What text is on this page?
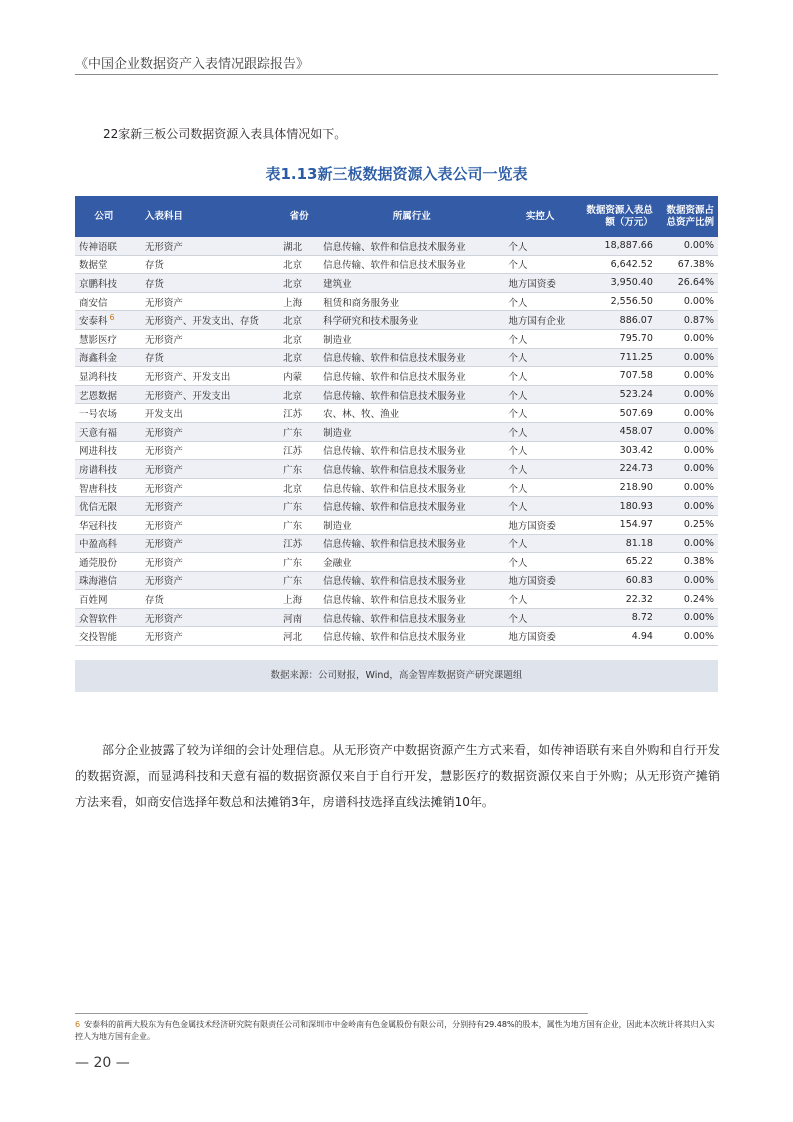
《中国企业数据资产入表情况跟踪报告》
22家新三板公司数据资源入表具体情况如下。
表1.13新三板数据资源入表公司一览表
公司	入表科目	省份	所属行业	实控人	数据资源入表总额（万元）	数据资源占总资产比例
传神语联	无形资产	湖北	信息传输、软件和信息技术服务业	个人	18,887.66	0.00%
数据堂	存货	北京	信息传输、软件和信息技术服务业	个人	6,642.52	67.38%
京鹏科技	存货	北京	建筑业	地方国资委	3,950.40	26.64%
商安信	无形资产	上海	租赁和商务服务业	个人	2,556.50	0.00%
安泰科 $^6$	无形资产、开发支出、存货	北京	科学研究和技术服务业	地方国有企业	886.07	0.87%
慧影医疗	无形资产	北京	制造业	个人	795.70	0.00%
海鑫科金	存货	北京	信息传输、软件和信息技术服务业	个人	711.25	0.00%
显鸿科技	无形资产、开发支出	内蒙	信息传输、软件和信息技术服务业	个人	707.58	0.00%
艺恩数据	无形资产、开发支出	北京	信息传输、软件和信息技术服务业	个人	523.24	0.00%
一号农场	开发支出	江苏	农、林、牧、渔业	个人	507.69	0.00%
天意有福	无形资产	广东	制造业	个人	458.07	0.00%
网进科技	无形资产	江苏	信息传输、软件和信息技术服务业	个人	303.42	0.00%
房谱科技	无形资产	广东	信息传输、软件和信息技术服务业	个人	224.73	0.00%
智唐科技	无形资产	北京	信息传输、软件和信息技术服务业	个人	218.90	0.00%
优信无限	无形资产	广东	信息传输、软件和信息技术服务业	个人	180.93	0.00%
华冠科技	无形资产	广东	制造业	地方国资委	154.97	0.25%
中盈高科	无形资产	江苏	信息传输、软件和信息技术服务业	个人	81.18	0.00%
通莞股份	无形资产	广东	金融业	个人	65.22	0.38%
珠海港信	无形资产	广东	信息传输、软件和信息技术服务业	地方国资委	60.83	0.00%
百姓网	存货	上海	信息传输、软件和信息技术服务业	个人	22.32	0.24%
众智软件	无形资产	河南	信息传输、软件和信息技术服务业	个人	8.72	0.00%
交投智能	无形资产	河北	信息传输、软件和信息技术服务业	地方国资委	4.94	0.00%
数据来源：公司财报，Wind，高金智库数据资产研究课题组
部分企业披露了较为详细的会计处理信息。从无形资产中数据资源产生方式来看，如传神语联有来自外购和自行开发的数据资源，而显鸿科技和天意有福的数据资源仅来自于自行开发，慧影医疗的数据资源仅来自于外购；从无形资产摊销方法来看，如商安信选择年数总和法摊销3年，房谱科技选择直线法摊销10年。
6 安泰科的前两大股东为有色金属技术经济研究院有限责任公司和深圳市中金岭南有色金属股份有限公司，分别持有29.48%的股本，属性为地方国有企业，因此本次统计将其归入实控人为地方国有企业。
— 20 —
